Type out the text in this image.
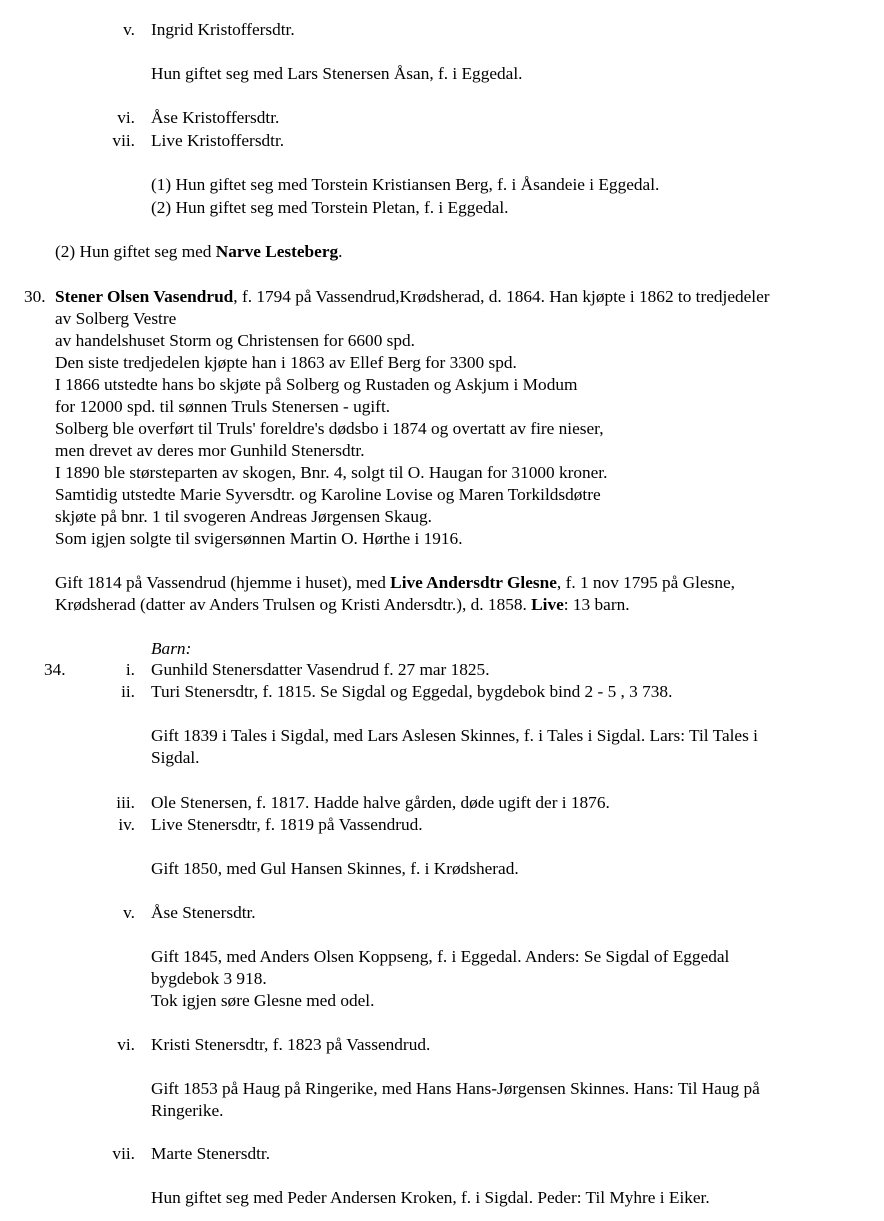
v. Ingrid Kristoffersdtr.
Hun giftet seg med Lars Stenersen Åsan, f. i Eggedal.
vi. Åse Kristoffersdtr.
vii. Live Kristoffersdtr.
(1) Hun giftet seg med Torstein Kristiansen Berg, f. i Åsandeie i Eggedal.
(2) Hun giftet seg med Torstein Pletan, f. i Eggedal.
(2) Hun giftet seg med Narve Lesteberg.
30. Stener Olsen Vasendrud, f. 1794 på Vassendrud,Krødsherad, d. 1864. Han kjøpte i 1862 to tredjedeler
av Solberg Vestre
av handelshuset Storm og Christensen for 6600 spd.
Den siste tredjedelen kjøpte han i 1863 av Ellef Berg for 3300 spd.
I 1866 utstedte hans bo skjøte på Solberg og Rustaden og Askjum i Modum
for 12000 spd. til sønnen Truls Stenersen - ugift.
Solberg ble overført til Truls' foreldre's dødsbo i 1874 og overtatt av fire nieser,
men drevet av deres mor Gunhild Stenersdtr.
I 1890 ble størsteparten av skogen, Bnr. 4, solgt til O. Haugan for 31000 kroner.
Samtidig utstedte Marie Syversdtr. og Karoline Lovise og Maren Torkildsdøtre
skjøte på bnr. 1 til svogeren Andreas Jørgensen Skaug.
Som igjen solgte til svigersønnen Martin O. Hørthe i 1916.
Gift 1814 på Vassendrud (hjemme i huset), med Live Andersdtr Glesne, f. 1 nov 1795 på Glesne,
Krødsherad (datter av Anders Trulsen og Kristi Andersdtr.), d. 1858. Live: 13 barn.
Barn:
34.	i. Gunhild Stenersdatter Vasendrud f. 27 mar 1825.
ii. Turi Stenersdtr, f. 1815. Se Sigdal og Eggedal, bygdebok bind 2 - 5 , 3 738.
Gift 1839 i Tales i Sigdal, med Lars Aslesen Skinnes, f. i Tales i Sigdal. Lars: Til Tales i
Sigdal.
iii. Ole Stenersen, f. 1817. Hadde halve gården, døde ugift der i 1876.
iv. Live Stenersdtr, f. 1819 på Vassendrud.
Gift 1850, med Gul Hansen Skinnes, f. i Krødsherad.
v. Åse Stenersdtr.
Gift 1845, med Anders Olsen Koppseng, f. i Eggedal. Anders: Se Sigdal of Eggedal
bygdebok 3 918.
Tok igjen søre Glesne med odel.
vi. Kristi Stenersdtr, f. 1823 på Vassendrud.
Gift 1853 på Haug på Ringerike, med Hans Hans-Jørgensen Skinnes. Hans: Til Haug på
Ringerike.
vii. Marte Stenersdtr.
Hun giftet seg med Peder Andersen Kroken, f. i Sigdal. Peder: Til Myhre i Eiker.
